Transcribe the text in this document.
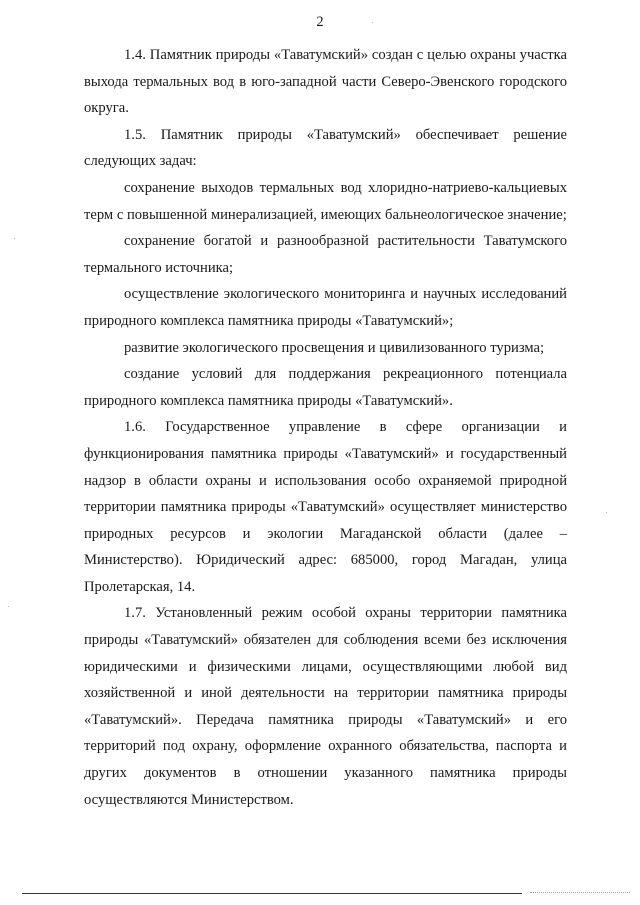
2

1.4. Памятник природы «Таватумский» создан с целью охраны участка выхода термальных вод в юго-западной части Северо-Эвенского городского округа.

1.5. Памятник природы «Таватумский» обеспечивает решение следующих задач:

сохранение выходов термальных вод хлоридно-натриево-кальциевых терм с повышенной минерализацией, имеющих бальнеологическое значение;

сохранение богатой и разнообразной растительности Таватумского термального источника;

осуществление экологического мониторинга и научных исследований природного комплекса памятника природы «Таватумский»;

развитие экологического просвещения и цивилизованного туризма;

создание условий для поддержания рекреационного потенциала природного комплекса памятника природы «Таватумский».

1.6. Государственное управление в сфере организации и функционирования памятника природы «Таватумский» и государственный надзор в области охраны и использования особо охраняемой природной территории памятника природы «Таватумский» осуществляет министерство природных ресурсов и экологии Магаданской области (далее – Министерство). Юридический адрес: 685000, город Магадан, улица Пролетарская, 14.

1.7. Установленный режим особой охраны территории памятника природы «Таватумский» обязателен для соблюдения всеми без исключения юридическими и физическими лицами, осуществляющими любой вид хозяйственной и иной деятельности на территории памятника природы «Таватумский». Передача памятника природы «Таватумский» и его территорий под охрану, оформление охранного обязательства, паспорта и других документов в отношении указанного памятника природы осуществляются Министерством.
